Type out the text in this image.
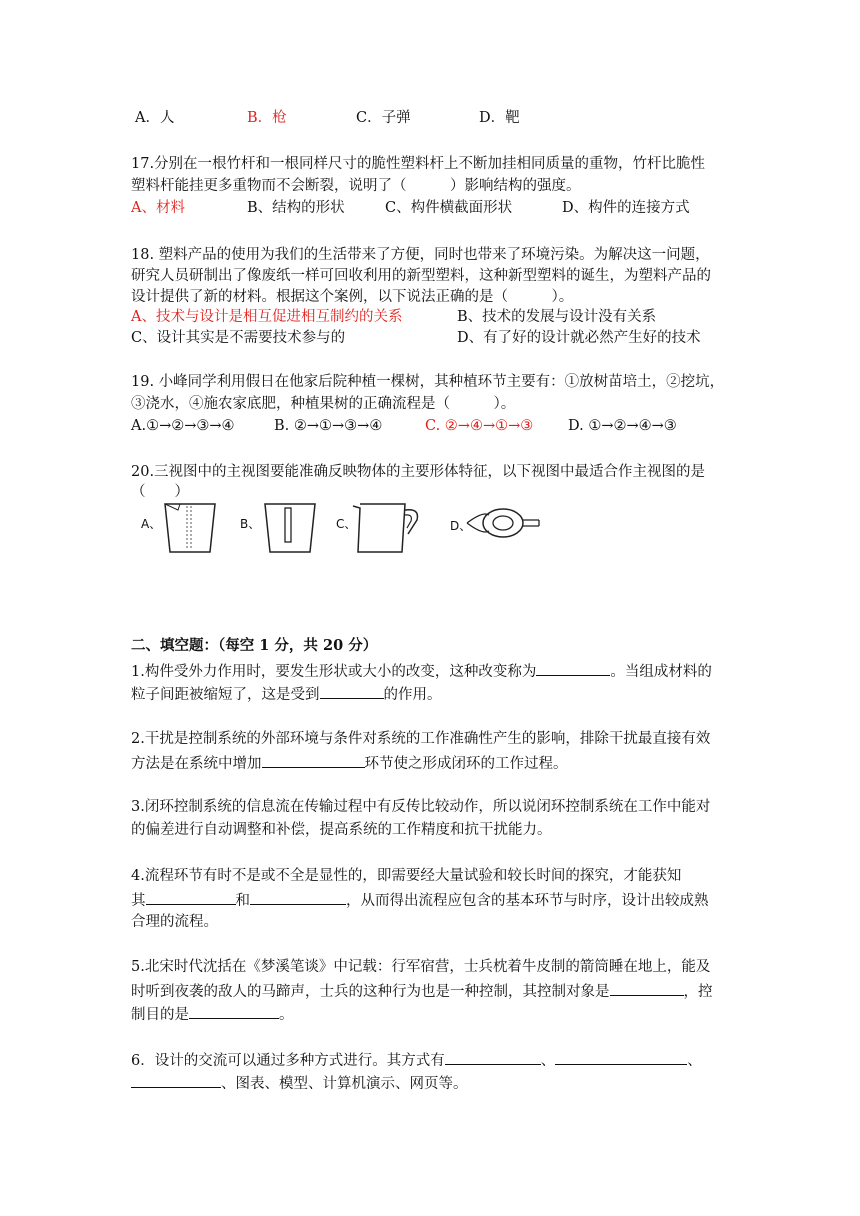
A．人	B．枪	C．子弹	D．靶
17.分别在一根竹杆和一根同样尺寸的脆性塑料杆上不断加挂相同质量的重物，竹杆比脆性
塑料杆能挂更多重物而不会断裂，说明了（　　　）影响结构的强度。
A、材料	B、结构的形状	C、构件横截面形状	D、构件的连接方式
18. 塑料产品的使用为我们的生活带来了方便，同时也带来了环境污染。为解决这一问题，
研究人员研制出了像废纸一样可回收利用的新型塑料，这种新型塑料的诞生，为塑料产品的
设计提供了新的材料。根据这个案例，以下说法正确的是（　　　）。
A、技术与设计是相互促进相互制约的关系	B、技术的发展与设计没有关系
C、设计其实是不需要技术参与的	D、有了好的设计就必然产生好的技术
19. 小峰同学利用假日在他家后院种植一棵树，其种植环节主要有：①放树苗培土，②挖坑，
③浇水，④施农家底肥，种植果树的正确流程是（　　　）。
A.①→②→③→④	B. ②→①→③→④	C. ②→④→①→③ D. ①→②→④→③
20.三视图中的主视图要能准确反映物体的主要形体特征，以下视图中最适合作主视图的是
（　　）
A、	B、	C、	D、
二、填空题：（每空 1 分，共 20 分）
1.构件受外力作用时，要发生形状或大小的改变，这种改变称为	。当组成材料的
粒子间距被缩短了，这是受到	的作用。
2.干扰是控制系统的外部环境与条件对系统的工作准确性产生的影响，排除干扰最直接有效
方法是在系统中增加	环节使之形成闭环的工作过程。
3.闭环控制系统的信息流在传输过程中有反传比较动作，所以说闭环控制系统在工作中能对
的偏差进行自动调整和补偿，提高系统的工作精度和抗干扰能力。
4.流程环节有时不是或不全是显性的，即需要经大量试验和较长时间的探究，才能获知
其	和	，从而得出流程应包含的基本环节与时序，设计出较成熟
合理的流程。
5.北宋时代沈括在《梦溪笔谈》中记载：行军宿营，士兵枕着牛皮制的箭筒睡在地上，能及
时听到夜袭的敌人的马蹄声，士兵的这种行为也是一种控制，其控制对象是	，控
制目的是	。
6．设计的交流可以通过多种方式进行。其方式有	、	、
、图表、模型、计算机演示、网页等。
